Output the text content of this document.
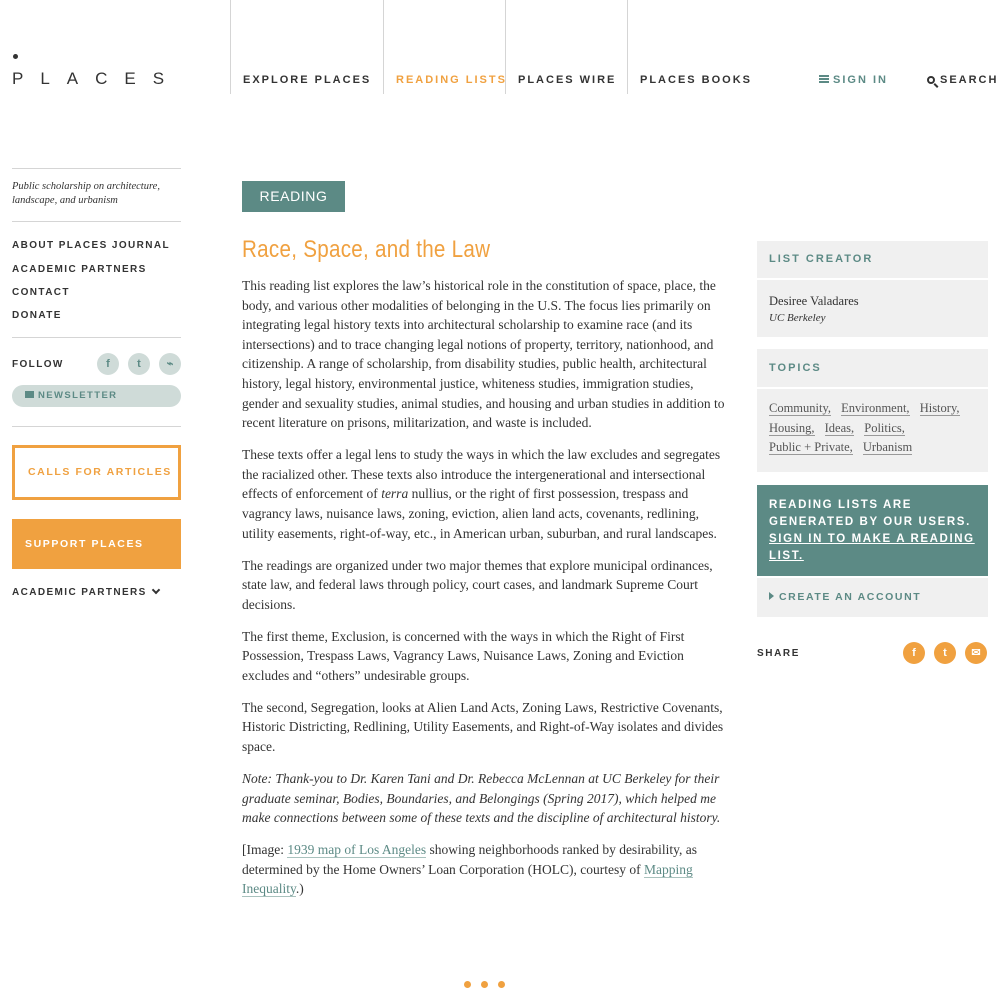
PLACES	EXPLORE PLACES READING LISTS PLACES WIRE PLACES BOOKS	SIGN IN	SEARCH
Public scholarship on architecture, landscape, and urbanism
ABOUT PLACES JOURNAL
ACADEMIC PARTNERS
CONTACT
DONATE
FOLLOW	f	t	⌁
NEWSLETTER
CALLS FOR ARTICLES
SUPPORT PLACES
ACADEMIC PARTNERS
READING LIST
Race, Space, and the Law

This reading list explores the law’s historical role in the constitution of space, place, the body, and various other modalities of belonging in the U.S. The focus lies primarily on integrating legal history texts into architectural scholarship to examine race (and its intersections) and to trace changing legal notions of property, territory, nationhood, and citizenship. A range of scholarship, from disability studies, public health, architectural history, legal history, environmental justice, whiteness studies, immigration studies, gender and sexuality studies, animal studies, and housing and urban studies in addition to recent literature on prisons, militarization, and waste is included.

These texts offer a legal lens to study the ways in which the law excludes and segregates the racialized other. These texts also introduce the intergenerational and intersectional effects of enforcement of terra nullius, or the right of first possession, trespass and vagrancy laws, nuisance laws, zoning, eviction, alien land acts, covenants, redlining, utility easements, right-of-way, etc., in American urban, suburban, and rural landscapes.

The readings are organized under two major themes that explore municipal ordinances, state law, and federal laws through policy, court cases, and landmark Supreme Court decisions.

The first theme, Exclusion, is concerned with the ways in which the Right of First Possession, Trespass Laws, Vagrancy Laws, Nuisance Laws, Zoning and Eviction excludes and “others” undesirable groups.

The second, Segregation, looks at Alien Land Acts, Zoning Laws, Restrictive Covenants, Historic Districting, Redlining, Utility Easements, and Right-of-Way isolates and divides space.

Note: Thank-you to Dr. Karen Tani and Dr. Rebecca McLennan at UC Berkeley for their graduate seminar, Bodies, Boundaries, and Belongings (Spring 2017), which helped me make connections between some of these texts and the discipline of architectural history.

[Image: 1939 map of Los Angeles showing neighborhoods ranked by desirability, as determined by the Home Owners’ Loan Corporation (HOLC), courtesy of Mapping Inequality.)

LIST CREATOR
Desiree Valadares
UC Berkeley
TOPICS
Community, Environment, History,
Housing, Ideas, Politics,
Public + Private, Urbanism
READING LISTS ARE GENERATED BY OUR USERS. SIGN IN TO MAKE A READING LIST.
CREATE AN ACCOUNT
SHARE	f	t	✉
